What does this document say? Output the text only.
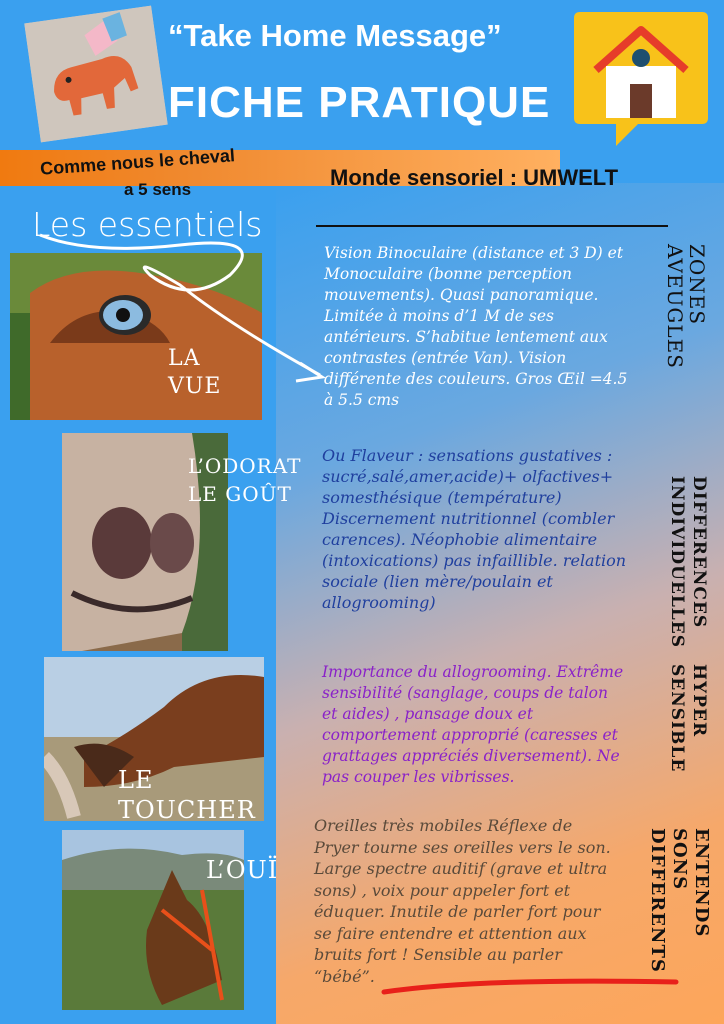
“Take Home Message”
FICHE PRATIQUE
Comme nous le cheval
a 5 sens	Monde sensoriel : UMWELT
Les essentiels
LA
VUE
L’ODORAT
LE GOÛT
LE
TOUCHER
L’OUÏ
Vision Binoculaire (distance et 3 D) et Monoculaire (bonne perception mouvements). Quasi panoramique. Limitée à moins d’1 M de ses antérieurs. S’habitue lentement aux contrastes (entrée Van). Vision différente des couleurs. Gros Œil =4.5 à 5.5 cms
Ou Flaveur : sensations gustatives : sucré,salé,amer,acide)+ olfactives+ somesthésique (température) Discernement nutritionnel (combler carences). Néophobie alimentaire (intoxications) pas infaillible. relation sociale (lien mère/poulain et allogrooming)
Importance du allogrooming. Extrême sensibilité (sanglage, coups de talon et aides) , pansage doux et comportement approprié (caresses et grattages appréciés diversement). Ne pas couper les vibrisses.
Oreilles très mobiles Réflexe de Pryer tourne ses oreilles vers le son. Large spectre auditif (grave et ultra sons) , voix pour appeler fort et éduquer. Inutile de parler fort pour se faire entendre et attention aux bruits fort ! Sensible au parler “bébé”.
ZONES AVEUGLES
DIFFERENCES INDIVIDUELLES
HYPER SENSIBLE
ENTENDS SONS DIFFERENTS
